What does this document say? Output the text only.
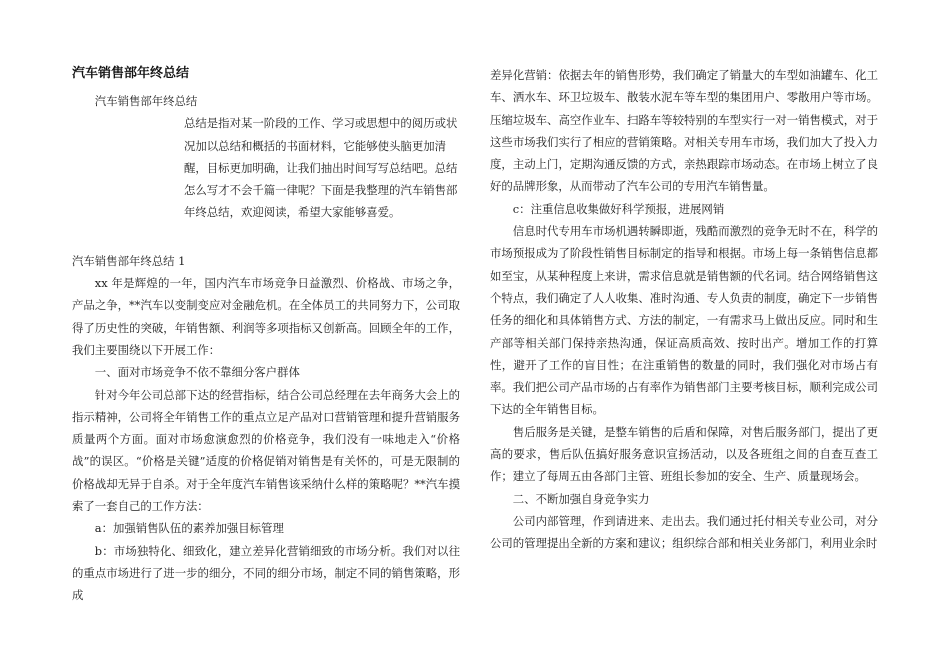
汽车销售部年终总结

汽车销售部年终总结

总结是指对某一阶段的工作、学习或思想中的阅历或状况加以总结和概括的书面材料，它能够使头脑更加清醒，目标更加明确，让我们抽出时间写写总结吧。总结怎么写才不会千篇一律呢？下面是我整理的汽车销售部年终总结，欢迎阅读，希望大家能够喜爱。

汽车销售部年终总结 1

xx 年是辉煌的一年，国内汽车市场竞争日益激烈、价格战、市场之争，产品之争，**汽车以变制变应对金融危机。在全体员工的共同努力下，公司取得了历史性的突破，年销售额、利润等多项指标又创新高。回顾全年的工作，我们主要围绕以下开展工作：

一、面对市场竞争不依不靠细分客户群体

针对今年公司总部下达的经营指标，结合公司总经理在去年商务大会上的指示精神，公司将全年销售工作的重点立足产品对口营销管理和提升营销服务质量两个方面。面对市场愈演愈烈的价格竞争，我们没有一味地走入“价格战”的误区。“价格是关键”适度的价格促销对销售是有关怀的，可是无限制的价格战却无异于自杀。对于全年度汽车销售该采纳什么样的策略呢？**汽车摸索了一套自己的工作方法：

a：加强销售队伍的素养加强目标管理

b：市场独特化、细致化，建立差异化营销细致的市场分析。我们对以往的重点市场进行了进一步的细分，不同的细分市场，制定不同的销售策略，形成

差异化营销：依据去年的销售形势，我们确定了销量大的车型如油罐车、化工车、洒水车、环卫垃圾车、散装水泥车等车型的集团用户、零散用户等市场。压缩垃圾车、高空作业车、扫路车等较特别的车型实行一对一销售模式，对于这些市场我们实行了相应的营销策略。对相关专用车市场，我们加大了投入力度，主动上门，定期沟通反馈的方式，亲热跟踪市场动态。在市场上树立了良好的品牌形象，从而带动了汽车公司的专用汽车销售量。

c：注重信息收集做好科学预报，进展网销

信息时代专用车市场机遇转瞬即逝，残酷而激烈的竞争无时不在，科学的市场预报成为了阶段性销售目标制定的指导和根据。市场上每一条销售信息都如至宝，从某种程度上来讲，需求信息就是销售额的代名词。结合网络销售这个特点，我们确定了人人收集、准时沟通、专人负责的制度，确定下一步销售任务的细化和具体销售方式、方法的制定，一有需求马上做出反应。同时和生产部等相关部门保持亲热沟通，保证高质高效、按时出产。增加工作的打算性，避开了工作的盲目性；在注重销售的数量的同时，我们强化对市场占有率。我们把公司产品市场的占有率作为销售部门主要考核目标，顺利完成公司下达的全年销售目标。

售后服务是关键，是整车销售的后盾和保障，对售后服务部门，提出了更高的要求，售后队伍搞好服务意识宣扬活动，以及各班组之间的自查互查工作；建立了每周五由各部门主管、班组长参加的安全、生产、质量现场会。

二、不断加强自身竞争实力

公司内部管理，作到请进来、走出去。我们通过托付相关专业公司，对分公司的管理提出全新的方案和建议；组织综合部和相关业务部门，利用业余时
